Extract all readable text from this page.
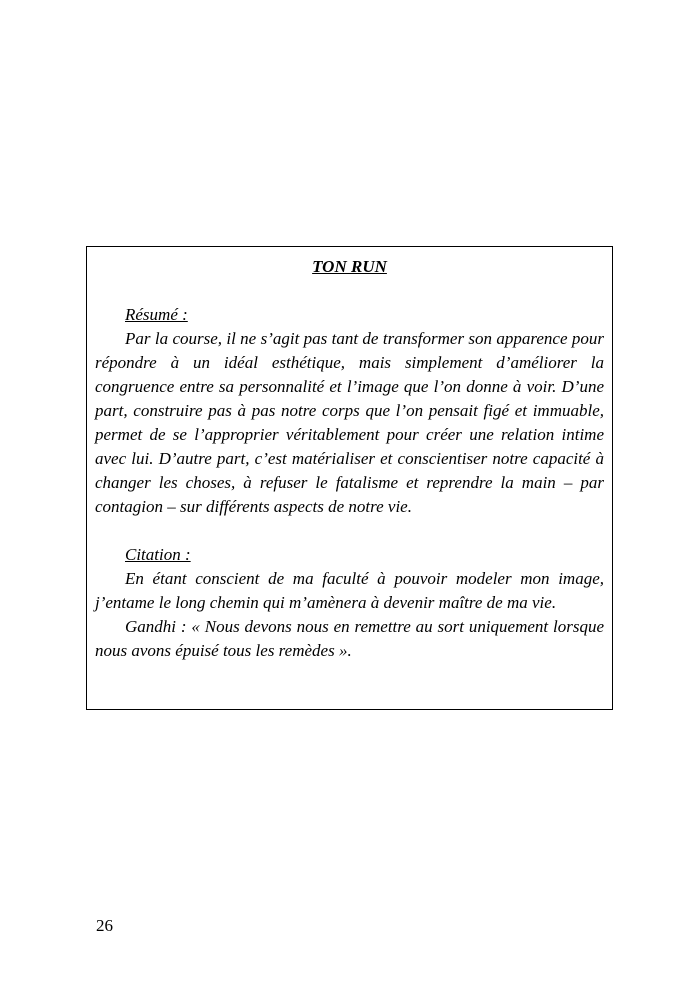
TON RUN

Résumé :

Par la course, il ne s’agit pas tant de transformer son apparence pour répondre à un idéal esthétique, mais simplement d’améliorer la congruence entre sa personnalité et l’image que l’on donne à voir. D’une part, construire pas à pas notre corps que l’on pensait figé et immuable, permet de se l’approprier véritablement pour créer une relation intime avec lui. D’autre part, c’est matérialiser et conscientiser notre capacité à changer les choses, à refuser le fatalisme et reprendre la main – par contagion – sur différents aspects de notre vie.

Citation :

En étant conscient de ma faculté à pouvoir modeler mon image, j’entame le long chemin qui m’amènera à devenir maître de ma vie.

Gandhi : « Nous devons nous en remettre au sort uniquement lorsque nous avons épuisé tous les remèdes ».

26
